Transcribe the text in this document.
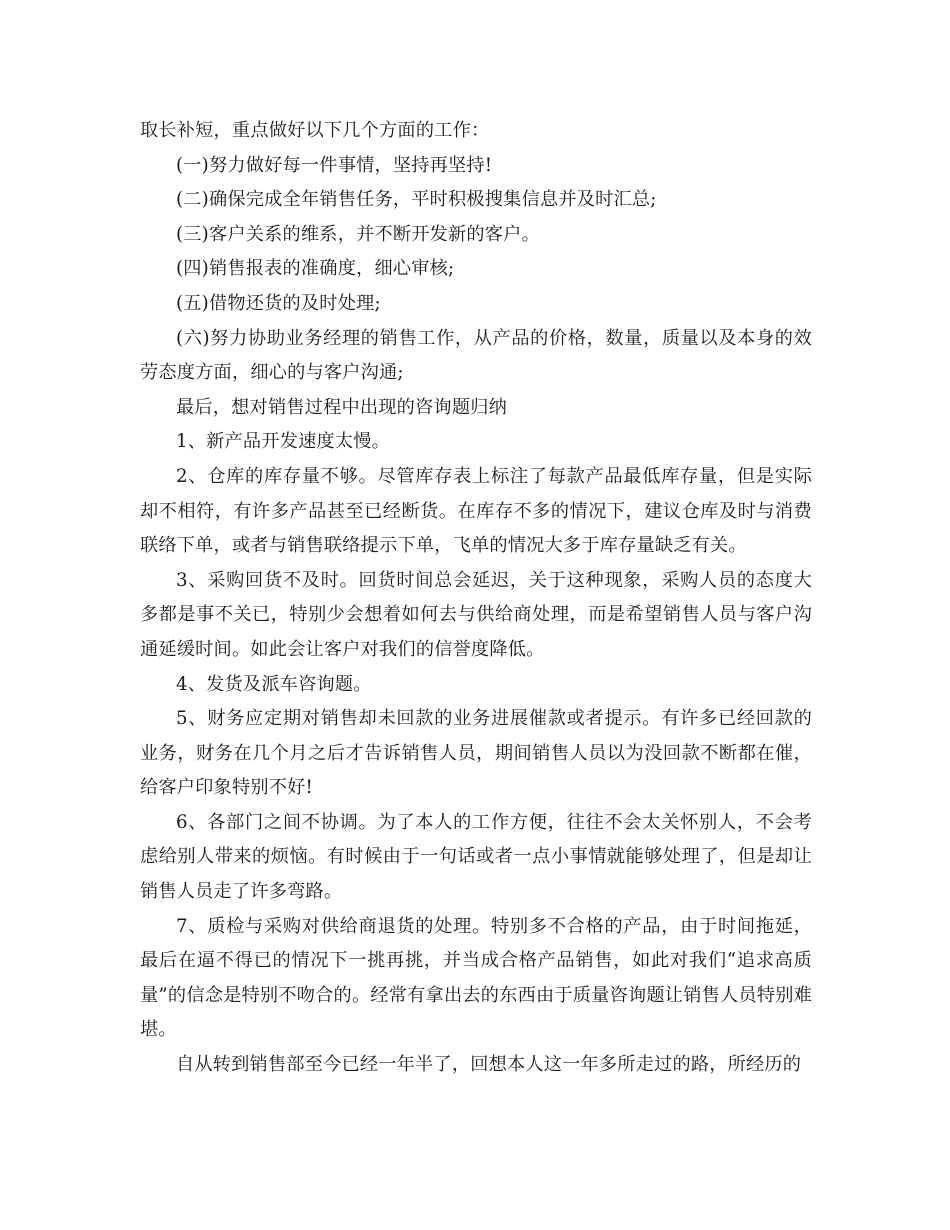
取长补短，重点做好以下几个方面的工作：

(一)努力做好每一件事情，坚持再坚持!

(二)确保完成全年销售任务，平时积极搜集信息并及时汇总;

(三)客户关系的维系，并不断开发新的客户。

(四)销售报表的准确度，细心审核;

(五)借物还货的及时处理;

(六)努力协助业务经理的销售工作，从产品的价格，数量，质量以及本身的效劳态度方面，细心的与客户沟通;

最后，想对销售过程中出现的咨询题归纳

1、新产品开发速度太慢。

2、仓库的库存量不够。尽管库存表上标注了每款产品最低库存量，但是实际却不相符，有许多产品甚至已经断货。在库存不多的情况下，建议仓库及时与消费联络下单，或者与销售联络提示下单，飞单的情况大多于库存量缺乏有关。

3、采购回货不及时。回货时间总会延迟，关于这种现象，采购人员的态度大多都是事不关已，特别少会想着如何去与供给商处理，而是希望销售人员与客户沟通延缓时间。如此会让客户对我们的信誉度降低。

4、发货及派车咨询题。

5、财务应定期对销售却未回款的业务进展催款或者提示。有许多已经回款的业务，财务在几个月之后才告诉销售人员，期间销售人员以为没回款不断都在催，给客户印象特别不好!

6、各部门之间不协调。为了本人的工作方便，往往不会太关怀别人，不会考虑给别人带来的烦恼。有时候由于一句话或者一点小事情就能够处理了，但是却让销售人员走了许多弯路。

7、质检与采购对供给商退货的处理。特别多不合格的产品，由于时间拖延，最后在逼不得已的情况下一挑再挑，并当成合格产品销售，如此对我们“追求高质量”的信念是特别不吻合的。经常有拿出去的东西由于质量咨询题让销售人员特别难堪。

自从转到销售部至今已经一年半了，回想本人这一年多所走过的路，所经历的
